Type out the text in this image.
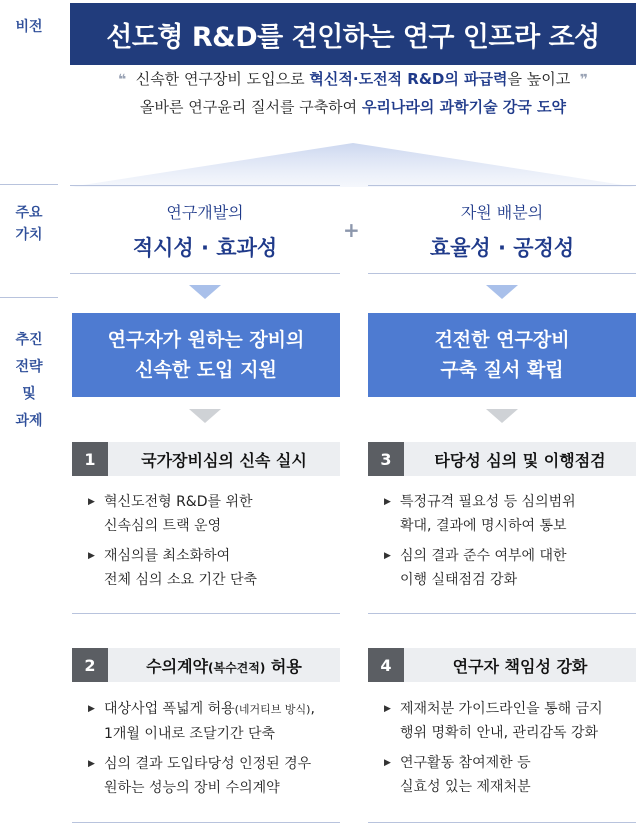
비전
주요
가치
추진
전략
및
과제
선도형 R&D를 견인하는 연구 인프라 조성
❝ 신속한 연구장비 도입으로 혁신적·도전적 R&D의 파급력을 높이고 ❞
올바른 연구윤리 질서를 구축하여 우리나라의 과학기술 강국 도약
연구개발의
적시성 · 효과성
+
자원 배분의
효율성 · 공정성
연구자가 원하는 장비의
신속한 도입 지원
건전한 연구장비
구축 질서 확립
1	국가장비심의 신속 실시
▶ 혁신도전형 R&D를 위한
신속심의 트랙 운영
▶ 재심의를 최소화하여
전체 심의 소요 기간 단축
3	타당성 심의 및 이행점검
▶ 특정규격 필요성 등 심의범위
확대, 결과에 명시하여 통보
▶ 심의 결과 준수 여부에 대한
이행 실태점검 강화
2	수의계약(복수견적) 허용
▶ 대상사업 폭넓게 허용(네거티브 방식),
1개월 이내로 조달기간 단축
▶ 심의 결과 도입타당성 인정된 경우
원하는 성능의 장비 수의계약
4	연구자 책임성 강화
▶ 제재처분 가이드라인을 통해 금지
행위 명확히 안내, 관리감독 강화
▶ 연구활동 참여제한 등
실효성 있는 제재처분
